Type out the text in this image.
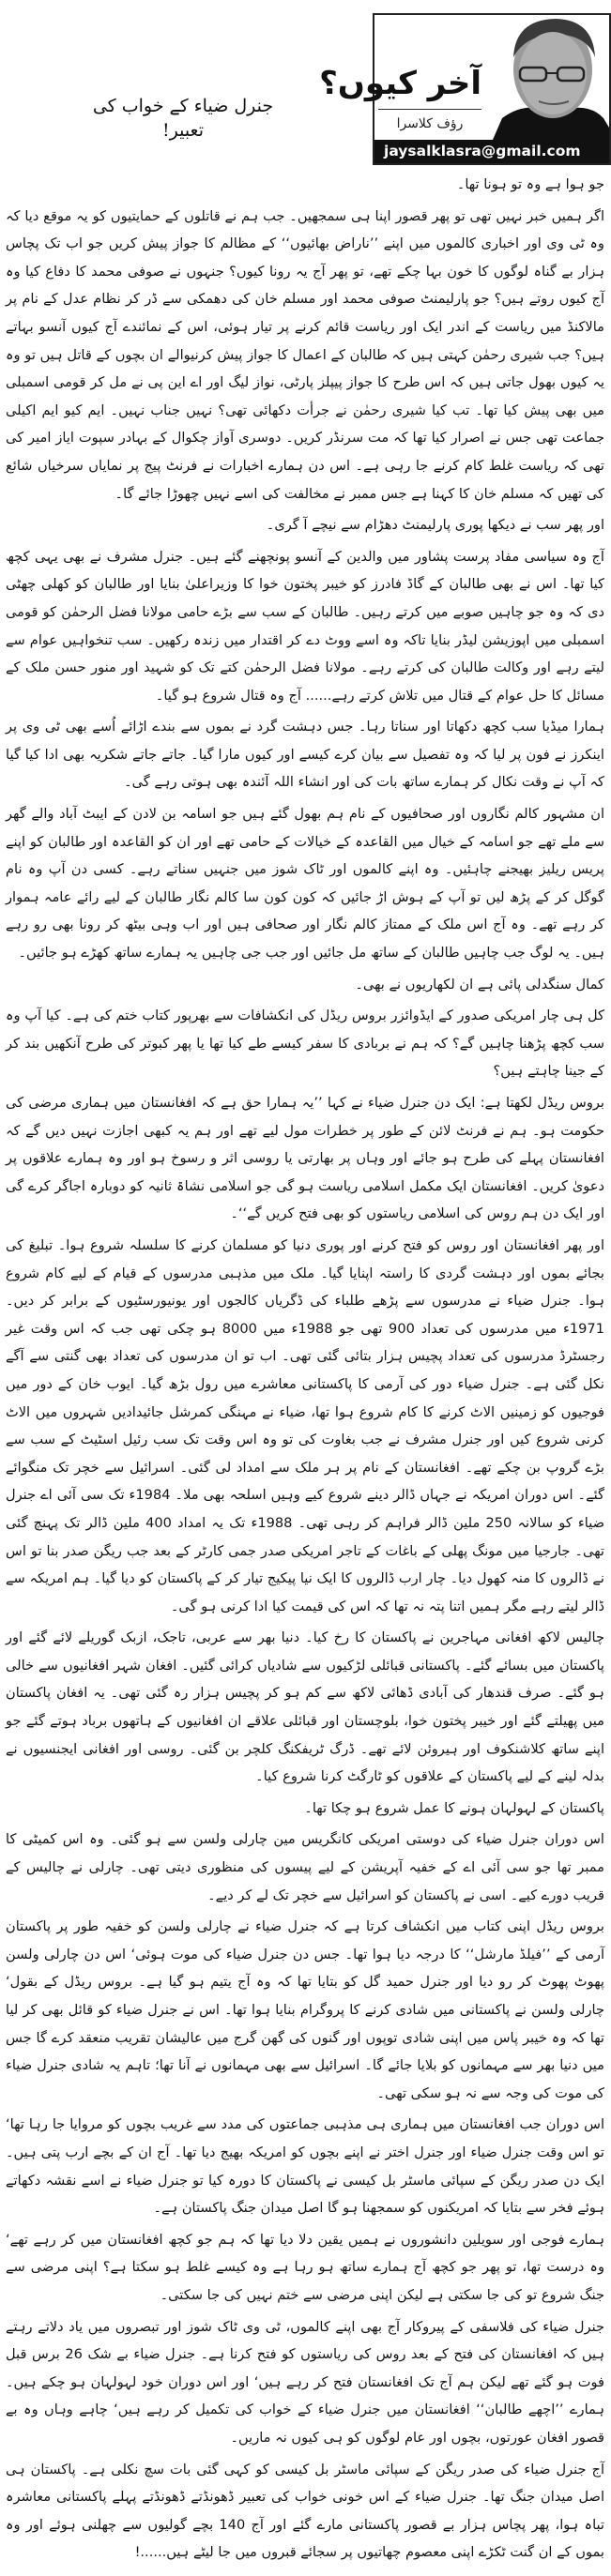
جنرل ضیاء کے خواب کی تعبیر!
آخر کیوں؟
رؤف کلاسرا
jaysalklasra@gmail.com

جو ہوا ہے وہ تو ہونا تھا۔

اگر ہمیں خبر نہیں تھی تو پھر قصور اپنا ہی سمجھیں۔ جب ہم نے قاتلوں کے حمایتیوں کو یہ موقع دیا کہ وہ ٹی وی اور اخباری کالموں میں اپنے ’’ناراض بھائیوں‘‘ کے مظالم کا جواز پیش کریں جو اب تک پچاس ہزار بے گناہ لوگوں کا خون بہا چکے تھے، تو پھر آج یہ رونا کیوں؟ جنہوں نے صوفی محمد کا دفاع کیا وہ آج کیوں روتے ہیں؟ جو پارلیمنٹ صوفی محمد اور مسلم خان کی دھمکی سے ڈر کر نظام عدل کے نام پر مالاکنڈ میں ریاست کے اندر ایک اور ریاست قائم کرنے پر تیار ہوئی، اس کے نمائندے آج کیوں آنسو بہاتے ہیں؟ جب شیری رحمٰن کہتی ہیں کہ طالبان کے اعمال کا جواز پیش کرنیوالے ان بچوں کے قاتل ہیں تو وہ یہ کیوں بھول جاتی ہیں کہ اس طرح کا جواز پیپلز پارٹی، نواز لیگ اور اے این پی نے مل کر قومی اسمبلی میں بھی پیش کیا تھا۔ تب کیا شیری رحمٰن نے جرأت دکھائی تھی؟ نہیں جناب نہیں۔ ایم کیو ایم اکیلی جماعت تھی جس نے اصرار کیا تھا کہ مت سرنڈر کریں۔ دوسری آواز چکوال کے بہادر سپوت ایاز امیر کی تھی کہ ریاست غلط کام کرنے جا رہی ہے۔ اس دن ہمارے اخبارات نے فرنٹ پیج پر نمایاں سرخیاں شائع کی تھیں کہ مسلم خان کا کہنا ہے جس ممبر نے مخالفت کی اسے نہیں چھوڑا جائے گا۔

اور پھر سب نے دیکھا پوری پارلیمنٹ دھڑام سے نیچے آ گری۔

آج وہ سیاسی مفاد پرست پشاور میں والدین کے آنسو پونچھنے گئے ہیں۔ جنرل مشرف نے بھی یہی کچھ کیا تھا۔ اس نے بھی طالبان کے گاڈ فادرز کو خیبر پختون خوا کا وزیراعلیٰ بنایا اور طالبان کو کھلی چھٹی دی کہ وہ جو چاہیں صوبے میں کرتے رہیں۔ طالبان کے سب سے بڑے حامی مولانا فضل الرحمٰن کو قومی اسمبلی میں اپوزیشن لیڈر بنایا تاکہ وہ اسے ووٹ دے کر اقتدار میں زندہ رکھیں۔ سب تنخواہیں عوام سے لیتے رہے اور وکالت طالبان کی کرتے رہے۔ مولانا فضل الرحمٰن کتے تک کو شہید اور منور حسن ملک کے مسائل کا حل عوام کے قتال میں تلاش کرتے رہے...... آج وہ قتال شروع ہو گیا۔

ہمارا میڈیا سب کچھ دکھاتا اور سناتا رہا۔ جس دہشت گرد نے بموں سے بندے اڑائے اُسے بھی ٹی وی پر اینکرز نے فون پر لیا کہ وہ تفصیل سے بیان کرے کیسے اور کیوں مارا گیا۔ جاتے جاتے شکریہ بھی ادا کیا گیا کہ آپ نے وقت نکال کر ہمارے ساتھ بات کی اور انشاء اللہ آئندہ بھی ہوتی رہے گی۔

ان مشہور کالم نگاروں اور صحافیوں کے نام ہم بھول گئے ہیں جو اسامہ بن لادن کے ایبٹ آباد والے گھر سے ملے تھے جو اسامہ کے خیال میں القاعدہ کے خیالات کے حامی تھے اور ان کو القاعدہ اور طالبان کو اپنے پریس ریلیز بھیجنے چاہئیں۔ وہ اپنے کالموں اور ٹاک شوز میں جنہیں سناتے رہے۔ کسی دن آپ وہ نام گوگل کر کے پڑھ لیں تو آپ کے ہوش اڑ جائیں کہ کون کون سا کالم نگار طالبان کے لیے رائے عامہ ہموار کر رہے تھے۔ وہ آج اس ملک کے ممتاز کالم نگار اور صحافی ہیں اور اب وہی بیٹھ کر رونا بھی رو رہے ہیں۔ یہ لوگ جب چاہیں طالبان کے ساتھ مل جائیں اور جب جی چاہیں یہ ہمارے ساتھ کھڑے ہو جائیں۔

کمال سنگدلی پائی ہے ان لکھاریوں نے بھی۔

کل ہی چار امریکی صدور کے ایڈوائزر بروس ریڈل کی انکشافات سے بھرپور کتاب ختم کی ہے۔ کیا آپ وہ سب کچھ پڑھنا چاہیں گے؟ کہ ہم نے بربادی کا سفر کیسے طے کیا تھا یا پھر کبوتر کی طرح آنکھیں بند کر کے جینا چاہتے ہیں؟

بروس ریڈل لکھتا ہے: ایک دن جنرل ضیاء نے کہا ’’یہ ہمارا حق ہے کہ افغانستان میں ہماری مرضی کی حکومت ہو۔ ہم نے فرنٹ لائن کے طور پر خطرات مول لیے تھے اور ہم یہ کبھی اجازت نہیں دیں گے کہ افغانستان پہلے کی طرح ہو جائے اور وہاں پر بھارتی یا روسی اثر و رسوخ ہو اور وہ ہمارے علاقوں پر دعویٰ کریں۔ افغانستان ایک مکمل اسلامی ریاست ہو گی جو اسلامی نشاۃ ثانیہ کو دوبارہ اجاگر کرے گی اور ایک دن ہم روس کی اسلامی ریاستوں کو بھی فتح کریں گے‘‘۔

اور پھر افغانستان اور روس کو فتح کرنے اور پوری دنیا کو مسلمان کرنے کا سلسلہ شروع ہوا۔ تبلیغ کی بجائے بموں اور دہشت گردی کا راستہ اپنایا گیا۔ ملک میں مذہبی مدرسوں کے قیام کے لیے کام شروع ہوا۔ جنرل ضیاء نے مدرسوں سے پڑھے طلباء کی ڈگریاں کالجوں اور یونیورسٹیوں کے برابر کر دیں۔ 1971ء میں مدرسوں کی تعداد 900 تھی جو 1988ء میں 8000 ہو چکی تھی جب کہ اس وقت غیر رجسٹرڈ مدرسوں کی تعداد پچیس ہزار بتائی گئی تھی۔ اب تو ان مدرسوں کی تعداد بھی گنتی سے آگے نکل گئی ہے۔ جنرل ضیاء دور کی آرمی کا پاکستانی معاشرے میں رول بڑھ گیا۔ ایوب خان کے دور میں فوجیوں کو زمینیں الاٹ کرنے کا کام شروع ہوا تھا، ضیاء نے مہنگی کمرشل جائیدادیں شہروں میں الاٹ کرنی شروع کیں اور جنرل مشرف نے جب بغاوت کی تو وہ اس وقت تک سب رئیل اسٹیٹ کے سب سے بڑے گروپ بن چکے تھے۔ افغانستان کے نام پر ہر ملک سے امداد لی گئی۔ اسرائیل سے خچر تک منگوائے گئے۔ اس دوران امریکہ نے جہاں ڈالر دینے شروع کیے وہیں اسلحہ بھی ملا۔ 1984ء تک سی آئی اے جنرل ضیاء کو سالانہ 250 ملین ڈالر فراہم کر رہی تھی۔ 1988ء تک یہ امداد 400 ملین ڈالر تک پہنچ گئی تھی۔ جارجیا میں مونگ پھلی کے باغات کے تاجر امریکی صدر جمی کارٹر کے بعد جب ریگن صدر بنا تو اس نے ڈالروں کا منہ کھول دیا۔ چار ارب ڈالروں کا ایک نیا پیکیج تیار کر کے پاکستان کو دیا گیا۔ ہم امریکہ سے ڈالر لیتے رہے مگر ہمیں اتنا پتہ نہ تھا کہ اس کی قیمت کیا ادا کرنی ہو گی۔

چالیس لاکھ افغانی مہاجرین نے پاکستان کا رخ کیا۔ دنیا بھر سے عربی، تاجک، ازبک گوریلے لائے گئے اور پاکستان میں بسائے گئے۔ پاکستانی قبائلی لڑکیوں سے شادیاں کرائی گئیں۔ افغان شہر افغانیوں سے خالی ہو گئے۔ صرف قندھار کی آبادی ڈھائی لاکھ سے کم ہو کر پچیس ہزار رہ گئی تھی۔ یہ افغان پاکستان میں پھیلتے گئے اور خیبر پختون خوا، بلوچستان اور قبائلی علاقے ان افغانیوں کے ہاتھوں برباد ہوتے گئے جو اپنے ساتھ کلاشنکوف اور ہیروئن لائے تھے۔ ڈرگ ٹریفکنگ کلچر بن گئی۔ روسی اور افغانی ایجنسیوں نے بدلہ لینے کے لیے پاکستان کے علاقوں کو ٹارگٹ کرنا شروع کیا۔

پاکستان کے لہولہان ہونے کا عمل شروع ہو چکا تھا۔

اس دوران جنرل ضیاء کی دوستی امریکی کانگریس مین چارلی ولسن سے ہو گئی۔ وہ اس کمیٹی کا ممبر تھا جو سی آئی اے کے خفیہ آپریشن کے لیے پیسوں کی منظوری دیتی تھی۔ چارلی نے چالیس کے قریب دورے کیے۔ اسی نے پاکستان کو اسرائیل سے خچر تک لے کر دیے۔

بروس ریڈل اپنی کتاب میں انکشاف کرتا ہے کہ جنرل ضیاء نے چارلی ولسن کو خفیہ طور پر پاکستان آرمی کے ’’فیلڈ مارشل‘‘ کا درجہ دیا ہوا تھا۔ جس دن جنرل ضیاء کی موت ہوئی‘ اس دن چارلی ولسن پھوٹ پھوٹ کر رو دیا اور جنرل حمید گل کو بتایا تھا کہ وہ آج یتیم ہو گیا ہے۔ بروس ریڈل کے بقول‘ چارلی ولسن نے پاکستانی میں شادی کرنے کا پروگرام بنایا ہوا تھا۔ اس نے جنرل ضیاء کو قائل بھی کر لیا تھا کہ وہ خیبر پاس میں اپنی شادی توپوں اور گنوں کی گھن گرج میں عالیشان تقریب منعقد کرے گا جس میں دنیا بھر سے مہمانوں کو بلایا جائے گا۔ اسرائیل سے بھی مہمانوں نے آنا تھا؛ تاہم یہ شادی جنرل ضیاء کی موت کی وجہ سے نہ ہو سکی تھی۔

اس دوران جب افغانستان میں ہماری ہی مذہبی جماعتوں کی مدد سے غریب بچوں کو مروایا جا رہا تھا‘ تو اس وقت جنرل ضیاء اور جنرل اختر نے اپنے بچوں کو امریکہ بھیج دیا تھا۔ آج ان کے بچے ارب پتی ہیں۔ ایک دن صدر ریگن کے سپائی ماسٹر بل کیسی نے پاکستان کا دورہ کیا تو جنرل ضیاء نے اسے نقشہ دکھاتے ہوئے فخر سے بتایا کہ امریکنوں کو سمجھنا ہو گا اصل میدان جنگ پاکستان ہے۔

ہمارے فوجی اور سویلین دانشوروں نے ہمیں یقین دلا دیا تھا کہ ہم جو کچھ افغانستان میں کر رہے تھے‘ وہ درست تھا، تو پھر جو کچھ آج ہمارے ساتھ ہو رہا ہے وہ کیسے غلط ہو سکتا ہے؟ اپنی مرضی سے جنگ شروع تو کی جا سکتی ہے لیکن اپنی مرضی سے ختم نہیں کی جا سکتی۔

جنرل ضیاء کی فلاسفی کے پیروکار آج بھی اپنے کالموں، ٹی وی ٹاک شوز اور تبصروں میں یاد دلاتے رہتے ہیں کہ افغانستان کی فتح کے بعد روس کی ریاستوں کو فتح کرنا ہے۔ جنرل ضیاء بے شک 26 برس قبل فوت ہو گئے تھے لیکن ہم آج تک افغانستان فتح کر رہے ہیں‘ اور اس دوران خود لہولہان ہو چکے ہیں۔ ہمارے ’’اچھے طالبان‘‘ افغانستان میں جنرل ضیاء کے خواب کی تکمیل کر رہے ہیں‘ چاہے وہاں وہ بے قصور افغان عورتوں، بچوں اور عام لوگوں کو ہی کیوں نہ ماریں۔

آج جنرل ضیاء کی صدر ریگن کے سپائی ماسٹر بل کیسی کو کہی گئی بات سچ نکلی ہے۔ پاکستان ہی اصل میدان جنگ تھا۔ جنرل ضیاء کے اس خونی خواب کی تعبیر ڈھونڈتے ڈھونڈتے پہلے پاکستانی معاشرہ تباہ ہوا، پھر پچاس ہزار بے قصور پاکستانی مارے گئے اور آج 140 بچے گولیوں سے چھلنی ہوئے اور وہ بموں کے ان گنت ٹکڑے اپنی معصوم چھاتیوں پر سجائے قبروں میں جا لیٹے ہیں......!
